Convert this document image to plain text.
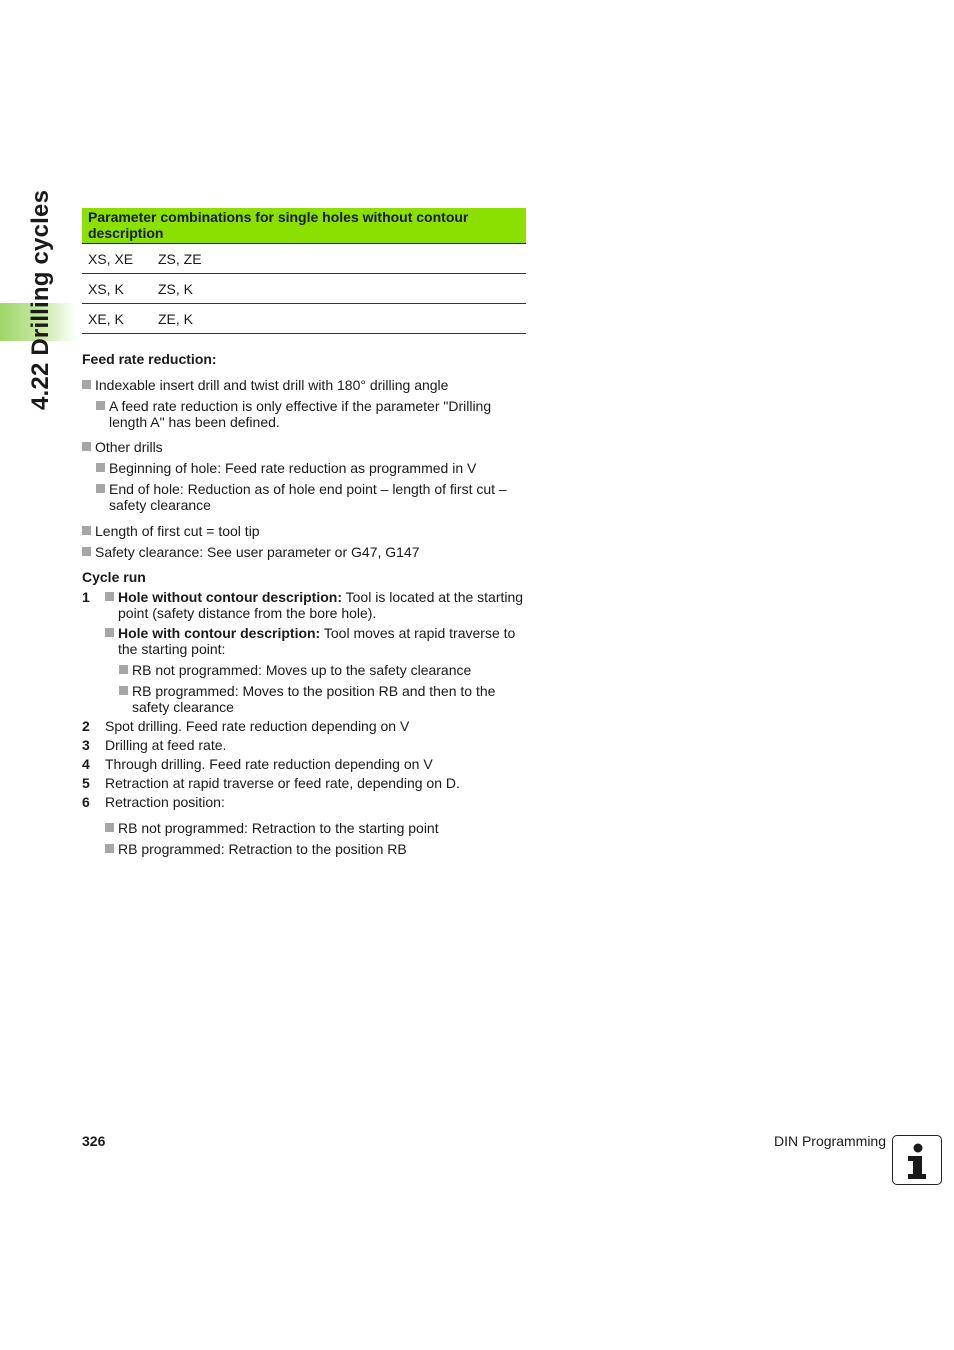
4.22 Drilling cycles Parameter combinations for single holes without contour description	
XS, XE	ZS, ZE
XS, K	ZS, K
XE, K	ZE, K

Feed rate reduction:

Indexable insert drill and twist drill with 180° drilling angle
A feed rate reduction is only effective if the parameter "Drilling length A" has been defined.
Other drills
Beginning of hole: Feed rate reduction as programmed in V
End of hole: Reduction as of hole end point – length of first cut – safety clearance
Length of first cut = tool tip
Safety clearance: See user parameter or G47, G147

Cycle run

1	Hole without contour description: Tool is located at the starting point (safety distance from the bore hole).
Hole with contour description: Tool moves at rapid traverse to the starting point:
RB not programmed: Moves up to the safety clearance
RB programmed: Moves to the position RB and then to the safety clearance
2	Spot drilling. Feed rate reduction depending on V
3	Drilling at feed rate.
4	Through drilling. Feed rate reduction depending on V
5	Retraction at rapid traverse or feed rate, depending on D.
6	Retraction position:
RB not programmed: Retraction to the starting point
RB programmed: Retraction to the position RB
326	DIN Programming
